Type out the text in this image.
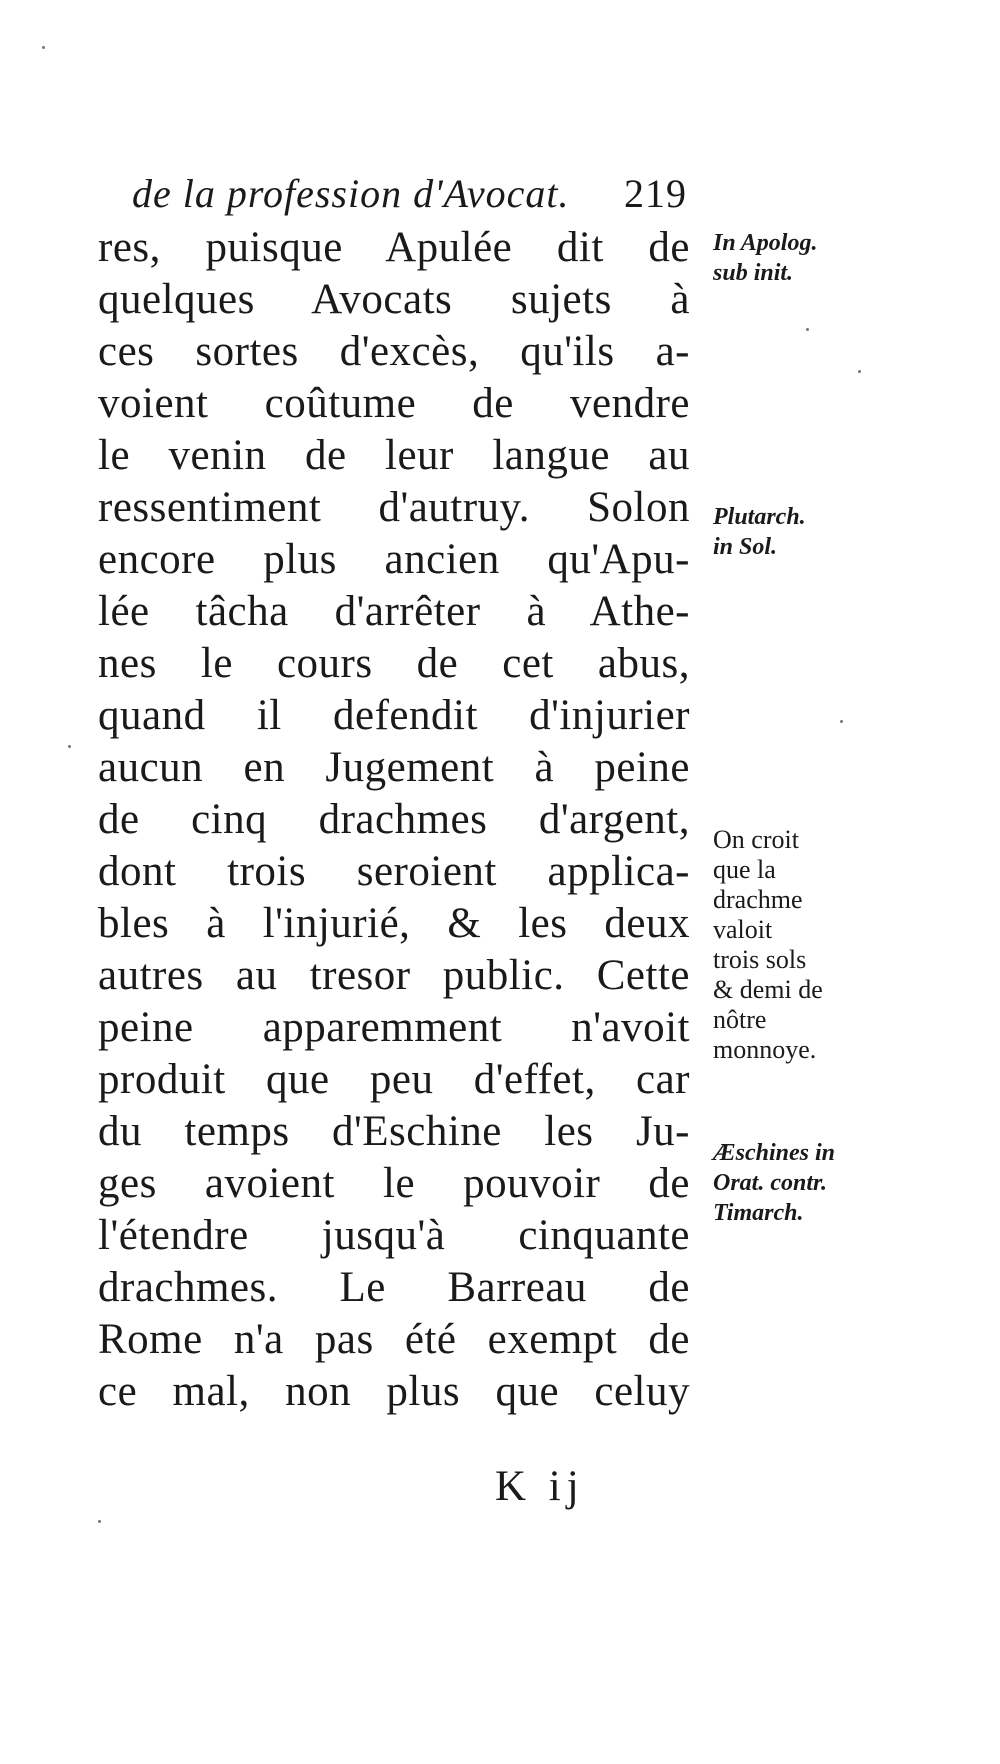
de la profession d'Avocat. 219
res, puisque Apulée dit de
quelques Avocats sujets à
ces sortes d'excès, qu'ils a-
voient coûtume de vendre
le venin de leur langue au
ressentiment d'autruy. Solon
encore plus ancien qu'Apu-
lée tâcha d'arrêter à Athe-
nes le cours de cet abus,
quand il defendit d'injurier
aucun en Jugement à peine
de cinq drachmes d'argent,
dont trois seroient applica-
bles à l'injurié, & les deux
autres au tresor public. Cette
peine apparemment n'avoit
produit que peu d'effet, car
du temps d'Eschine les Ju-
ges avoient le pouvoir de
l'étendre jusqu'à cinquante
drachmes. Le Barreau de
Rome n'a pas été exempt de
ce mal, non plus que celuy
K ij
In Apolog.
sub init.
Plutarch.
in Sol.
On croit
que la
drachme
valoit
trois sols
& demi de
nôtre
monnoye.
Æschines in
Orat. contr.
Timarch.
